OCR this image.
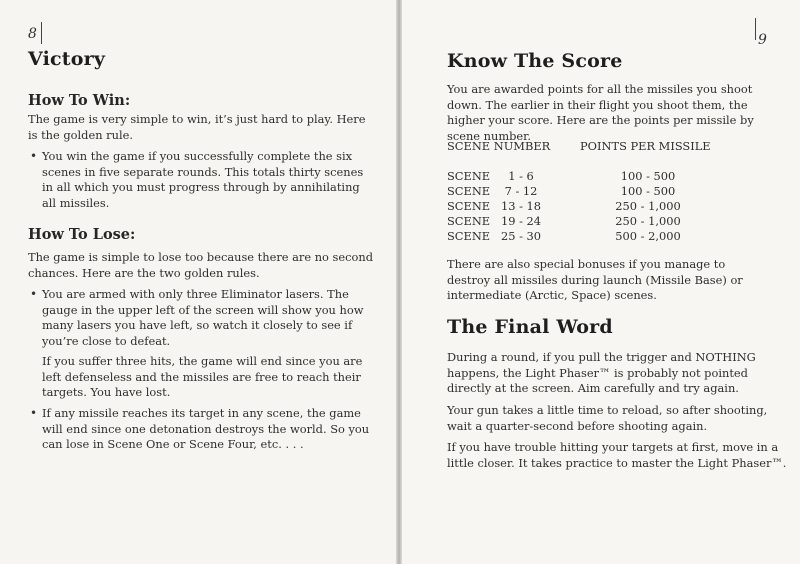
8
Victory
How To Win:

The game is very simple to win, it’s just hard to play. Here is the golden rule.

• You win the game if you successfully complete the six scenes in five separate rounds. This totals thirty scenes in all which you must progress through by annihilating all missiles.

How To Lose:

The game is simple to lose too because there are no second chances. Here are the two golden rules.

• You are armed with only three Eliminator lasers. The gauge in the upper left of the screen will show you how many lasers you have left, so watch it closely to see if you’re close to defeat.

If you suffer three hits, the game will end since you are left defenseless and the missiles are free to reach their targets. You have lost.

• If any missile reaches its target in any scene, the game will end since one detonation destroys the world. So you can lose in Scene One or Scene Four, etc. . . .

9
Know The Score

You are awarded points for all the missiles you shoot down. The earlier in their flight you shoot them, the higher your score. Here are the points per missile by scene number.

SCENE NUMBER	POINTS PER MISSILE
SCENE	1 - 6	100 - 500
SCENE	7 - 12	100 - 500
SCENE 13 - 18	250 - 1,000
SCENE 19 - 24	250 - 1,000
SCENE 25 - 30	500 - 2,000

There are also special bonuses if you manage to destroy all missiles during launch (Missile Base) or intermediate (Arctic, Space) scenes.

The Final Word

During a round, if you pull the trigger and NOTHING happens, the Light Phaser™ is probably not pointed directly at the screen. Aim carefully and try again.

Your gun takes a little time to reload, so after shooting, wait a quarter-second before shooting again.

If you have trouble hitting your targets at first, move in a little closer. It takes practice to master the Light Phaser™.
